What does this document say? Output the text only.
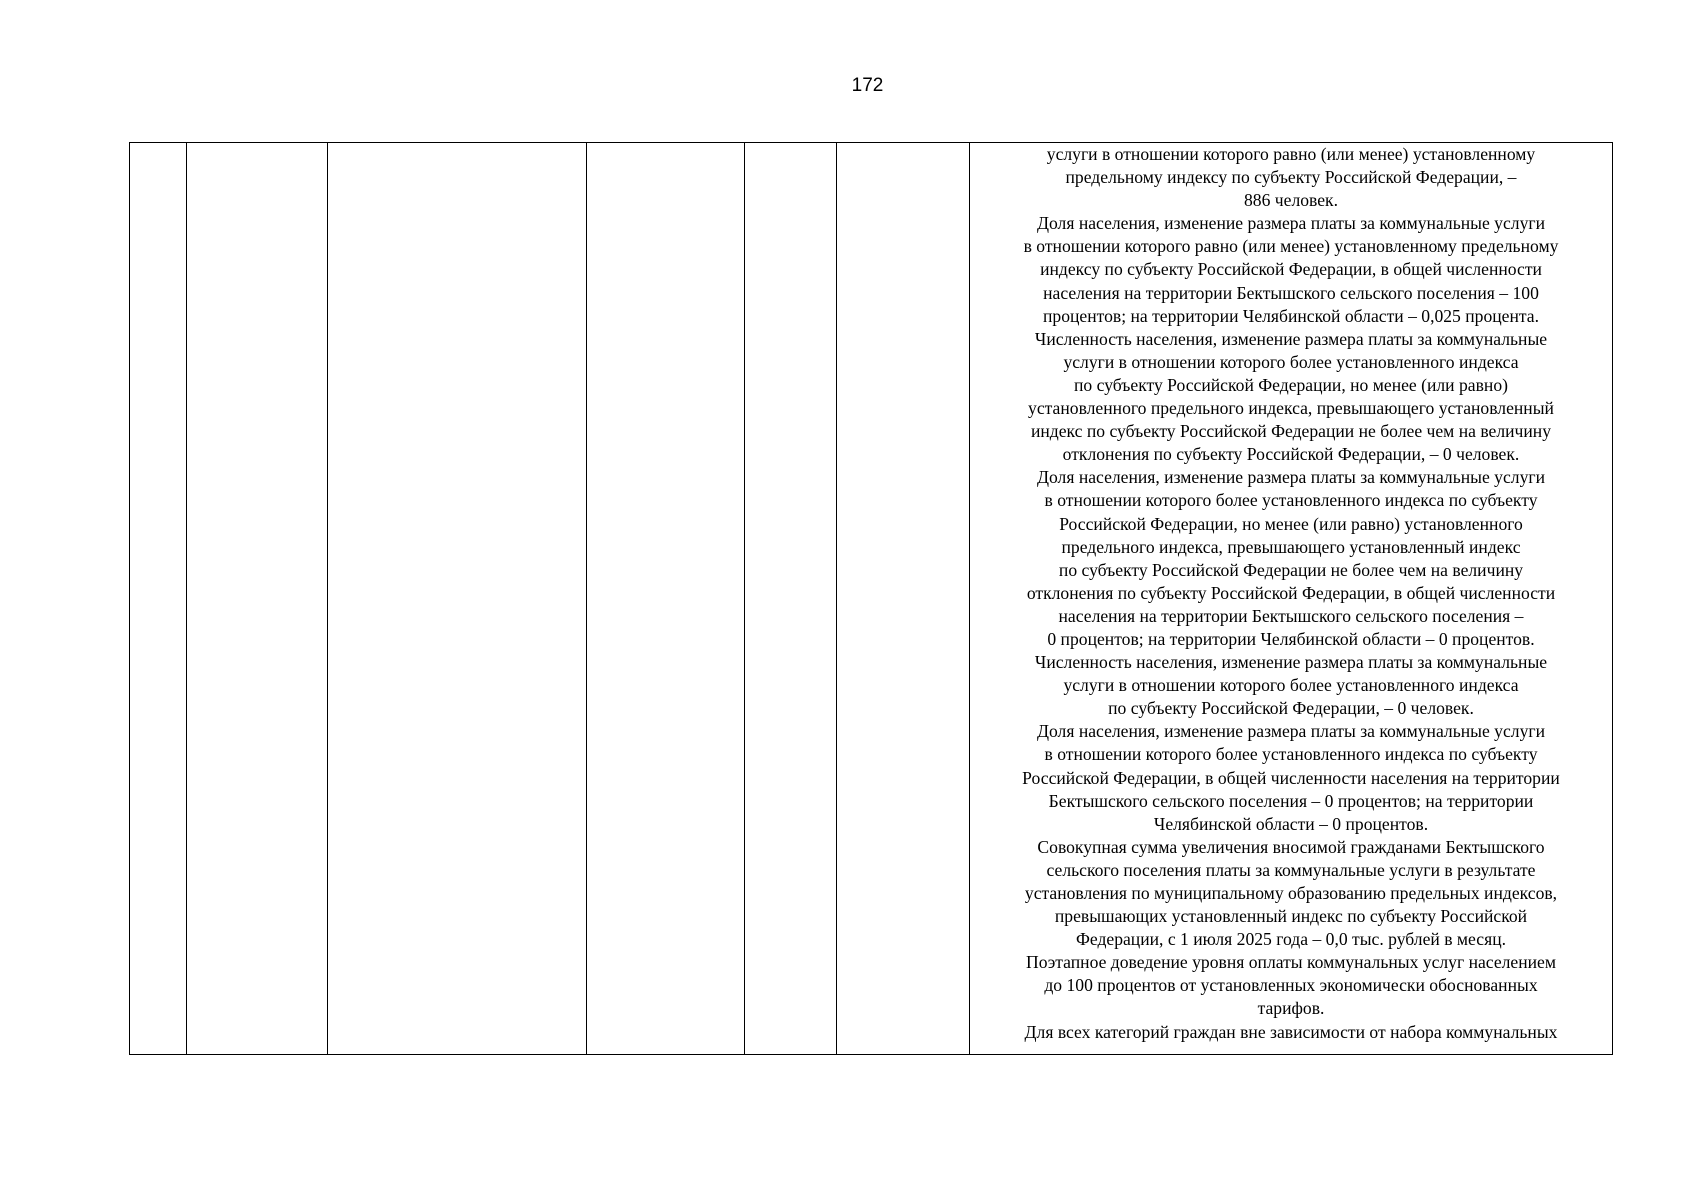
172

услуги в отношении которого равно (или менее) установленному
предельному индексу по субъекту Российской Федерации, –
886 человек.
Доля населения, изменение размера платы за коммунальные услуги
в отношении которого равно (или менее) установленному предельному
индексу по субъекту Российской Федерации, в общей численности
населения на территории Бектышского сельского поселения – 100
процентов; на территории Челябинской области – 0,025 процента.
Численность населения, изменение размера платы за коммунальные
услуги в отношении которого более установленного индекса
по субъекту Российской Федерации, но менее (или равно)
установленного предельного индекса, превышающего установленный
индекс по субъекту Российской Федерации не более чем на величину
отклонения по субъекту Российской Федерации, – 0 человек.
Доля населения, изменение размера платы за коммунальные услуги
в отношении которого более установленного индекса по субъекту
Российской Федерации, но менее (или равно) установленного
предельного индекса, превышающего установленный индекс
по субъекту Российской Федерации не более чем на величину
отклонения по субъекту Российской Федерации, в общей численности
населения на территории Бектышского сельского поселения –
0 процентов; на территории Челябинской области – 0 процентов.
Численность населения, изменение размера платы за коммунальные
услуги в отношении которого более установленного индекса
по субъекту Российской Федерации, – 0 человек.
Доля населения, изменение размера платы за коммунальные услуги
в отношении которого более установленного индекса по субъекту
Российской Федерации, в общей численности населения на территории
Бектышского сельского поселения – 0 процентов; на территории
Челябинской области – 0 процентов.
Совокупная сумма увеличения вносимой гражданами Бектышского
сельского поселения платы за коммунальные услуги в результате
установления по муниципальному образованию предельных индексов,
превышающих установленный индекс по субъекту Российской
Федерации, с 1 июля 2025 года – 0,0 тыс. рублей в месяц.
Поэтапное доведение уровня оплаты коммунальных услуг населением
до 100 процентов от установленных экономически обоснованных
тарифов.
Для всех категорий граждан вне зависимости от набора коммунальных
